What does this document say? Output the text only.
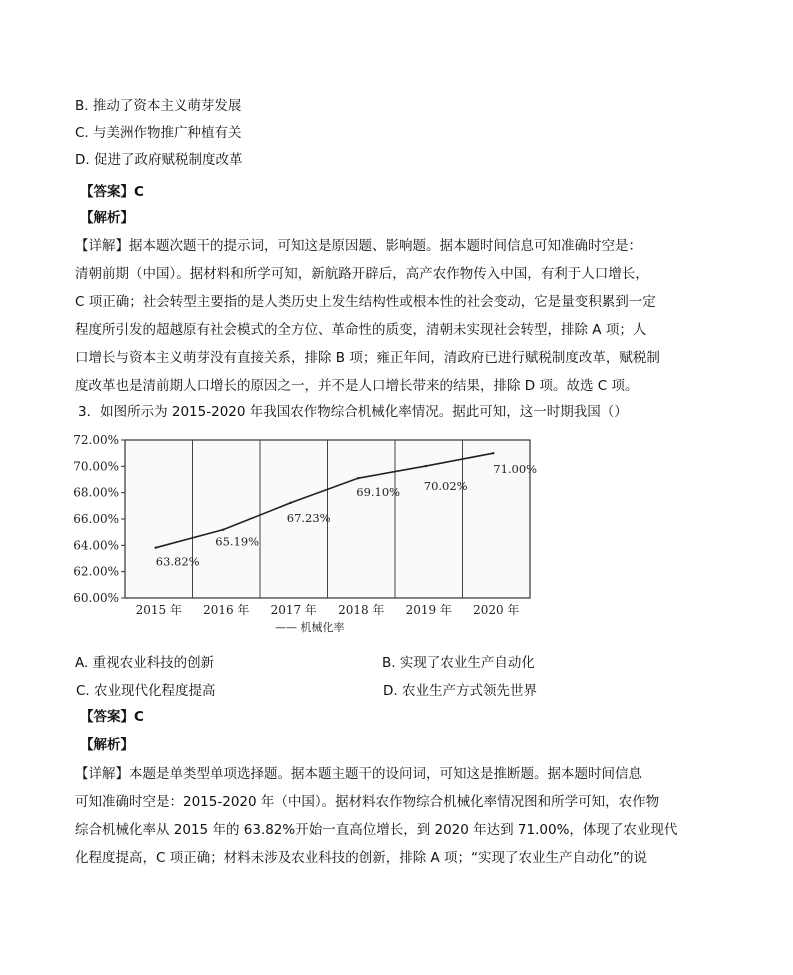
B. 推动了资本主义萌芽发展
C. 与美洲作物推广种植有关
D. 促进了政府赋税制度改革
【答案】C
【解析】
【详解】据本题次题干的提示词，可知这是原因题、影响题。据本题时间信息可知准确时空是：
清朝前期（中国）。据材料和所学可知，新航路开辟后，高产农作物传入中国，有利于人口增长，
C 项正确；社会转型主要指的是人类历史上发生结构性或根本性的社会变动，它是量变积累到一定
程度所引发的超越原有社会模式的全方位、革命性的质变，清朝未实现社会转型，排除 A 项；人
口增长与资本主义萌芽没有直接关系，排除 B 项；雍正年间，清政府已进行赋税制度改革，赋税制
度改革也是清前期人口增长的原因之一，并不是人口增长带来的结果，排除 D 项。故选 C 项。
3．如图所示为 2015-2020 年我国农作物综合机械化率情况。据此可知，这一时期我国（）
72.00%
70.00%
68.00%
66.00%
64.00%
62.00%
60.00%
2015 年 2016 年 2017 年 2018 年 2019 年 2020 年
63.82%
65.19%
67.23%
69.10% 70.02%
71.00%
—— 机械化率
A. 重视农业科技的创新	B. 实现了农业生产自动化
C. 农业现代化程度提高	D. 农业生产方式领先世界
【答案】C
【解析】
【详解】本题是单类型单项选择题。据本题主题干的设问词，可知这是推断题。据本题时间信息
可知准确时空是：2015-2020 年（中国）。据材料农作物综合机械化率情况图和所学可知，农作物
综合机械化率从 2015 年的 63.82%开始一直高位增长，到 2020 年达到 71.00%，体现了农业现代
化程度提高，C 项正确；材料未涉及农业科技的创新，排除 A 项；“实现了农业生产自动化”的说
